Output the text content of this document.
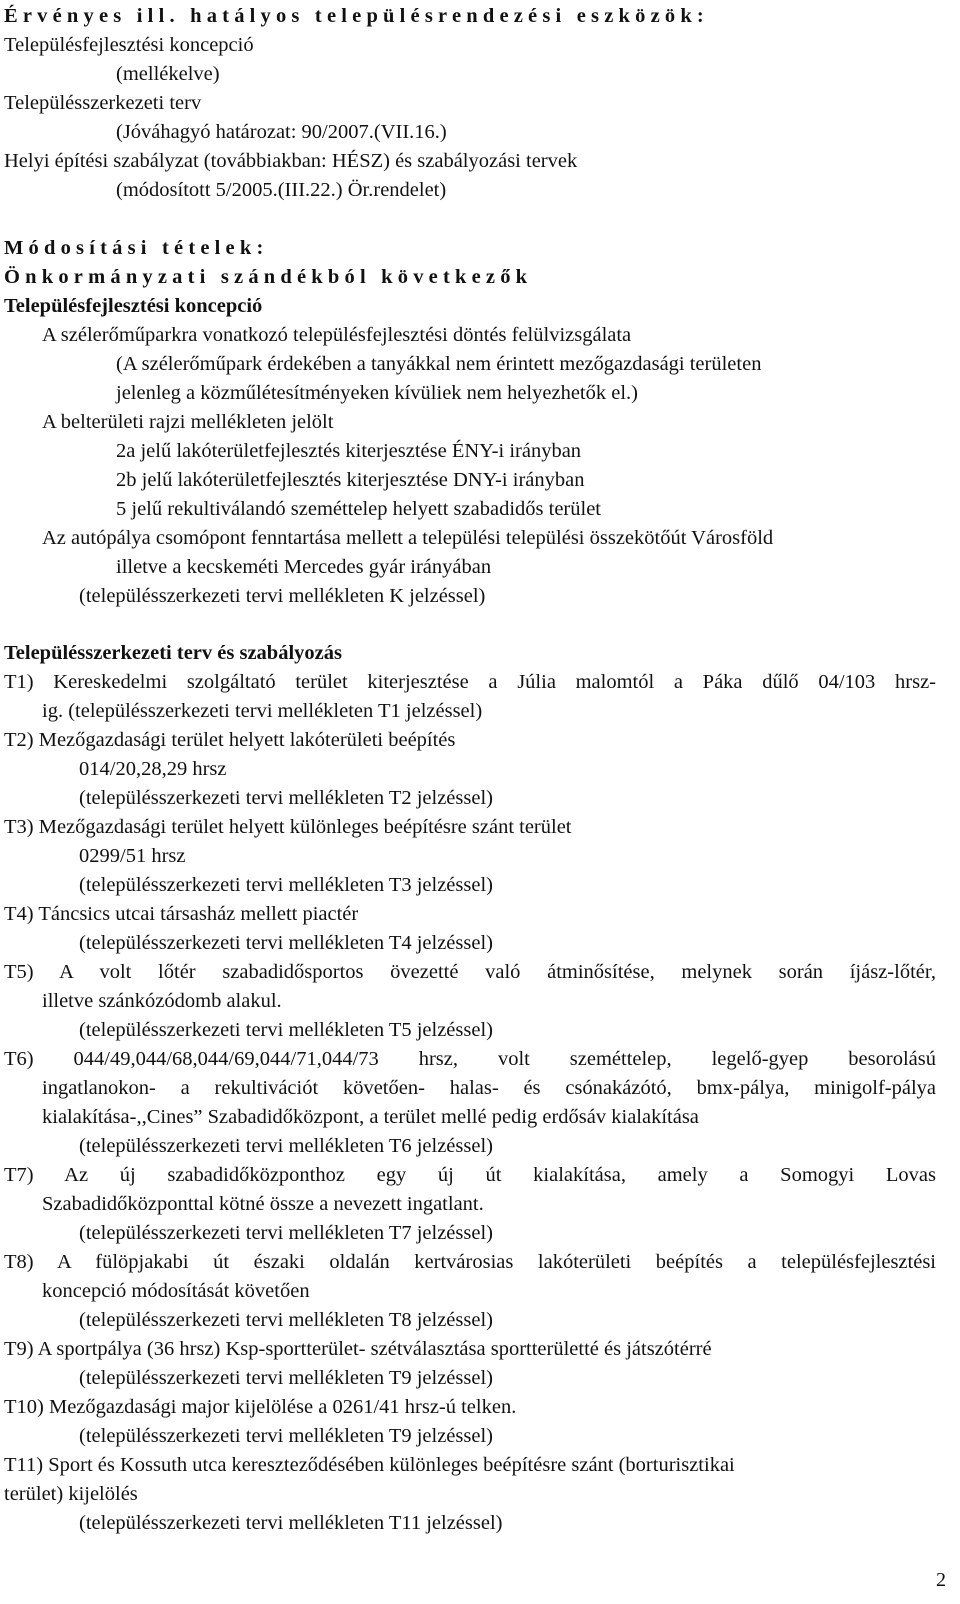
Érvényes ill. hatályos településrendezési eszközök:
Településfejlesztési koncepció
(mellékelve)
Településszerkezeti terv
(Jóváhagyó határozat: 90/2007.(VII.16.)
Helyi építési szabályzat (továbbiakban: HÉSZ) és szabályozási tervek
(módosított 5/2005.(III.22.) Ör.rendelet)
Módosítási tételek:
Önkormányzati szándékból következők
Településfejlesztési koncepció
A szélerőműparkra vonatkozó településfejlesztési döntés felülvizsgálata
(A szélerőműpark érdekében a tanyákkal nem érintett mezőgazdasági területen
jelenleg a közműlétesítményeken kívüliek nem helyezhetők el.)
A belterületi rajzi mellékleten jelölt
2a jelű lakóterületfejlesztés kiterjesztése ÉNY-i irányban
2b jelű lakóterületfejlesztés kiterjesztése DNY-i irányban
5 jelű rekultiválandó szeméttelep helyett szabadidős terület
Az autópálya csomópont fenntartása mellett a települési települési összekötőút Városföld
illetve a kecskeméti Mercedes gyár irányában
(településszerkezeti tervi mellékleten K jelzéssel)
Településszerkezeti terv és szabályozás
T1) Kereskedelmi szolgáltató terület kiterjesztése a Júlia malomtól a Páka dűlő 04/103 hrsz-
ig. (településszerkezeti tervi mellékleten T1 jelzéssel)
T2) Mezőgazdasági terület helyett lakóterületi beépítés
014/20,28,29 hrsz
(településszerkezeti tervi mellékleten T2 jelzéssel)
T3) Mezőgazdasági terület helyett különleges beépítésre szánt terület
0299/51 hrsz
(településszerkezeti tervi mellékleten T3 jelzéssel)
T4) Táncsics utcai társasház mellett piactér
(településszerkezeti tervi mellékleten T4 jelzéssel)
T5) A volt lőtér szabadidősportos övezetté való átminősítése, melynek során íjász-lőtér,
illetve szánkózódomb alakul.
(településszerkezeti tervi mellékleten T5 jelzéssel)
T6) 044/49,044/68,044/69,044/71,044/73 hrsz, volt szeméttelep, legelő-gyep besorolású
ingatlanokon- a rekultivációt követően- halas- és csónakázótó, bmx-pálya, minigolf-pálya
kialakítása-,,Cines” Szabadidőközpont, a terület mellé pedig erdősáv kialakítása
(településszerkezeti tervi mellékleten T6 jelzéssel)
T7) Az új szabadidőközponthoz egy új út kialakítása, amely a Somogyi Lovas
Szabadidőközponttal kötné össze a nevezett ingatlant.
(településszerkezeti tervi mellékleten T7 jelzéssel)
T8) A fülöpjakabi út északi oldalán kertvárosias lakóterületi beépítés a településfejlesztési
koncepció módosítását követően
(településszerkezeti tervi mellékleten T8 jelzéssel)
T9) A sportpálya (36 hrsz) Ksp-sportterület- szétválasztása sportterületté és játszótérré
(településszerkezeti tervi mellékleten T9 jelzéssel)
T10) Mezőgazdasági major kijelölése a 0261/41 hrsz-ú telken.
(településszerkezeti tervi mellékleten T9 jelzéssel)
T11) Sport és Kossuth utca kereszteződésében különleges beépítésre szánt (borturisztikai
terület) kijelölés
(településszerkezeti tervi mellékleten T11 jelzéssel)
2
